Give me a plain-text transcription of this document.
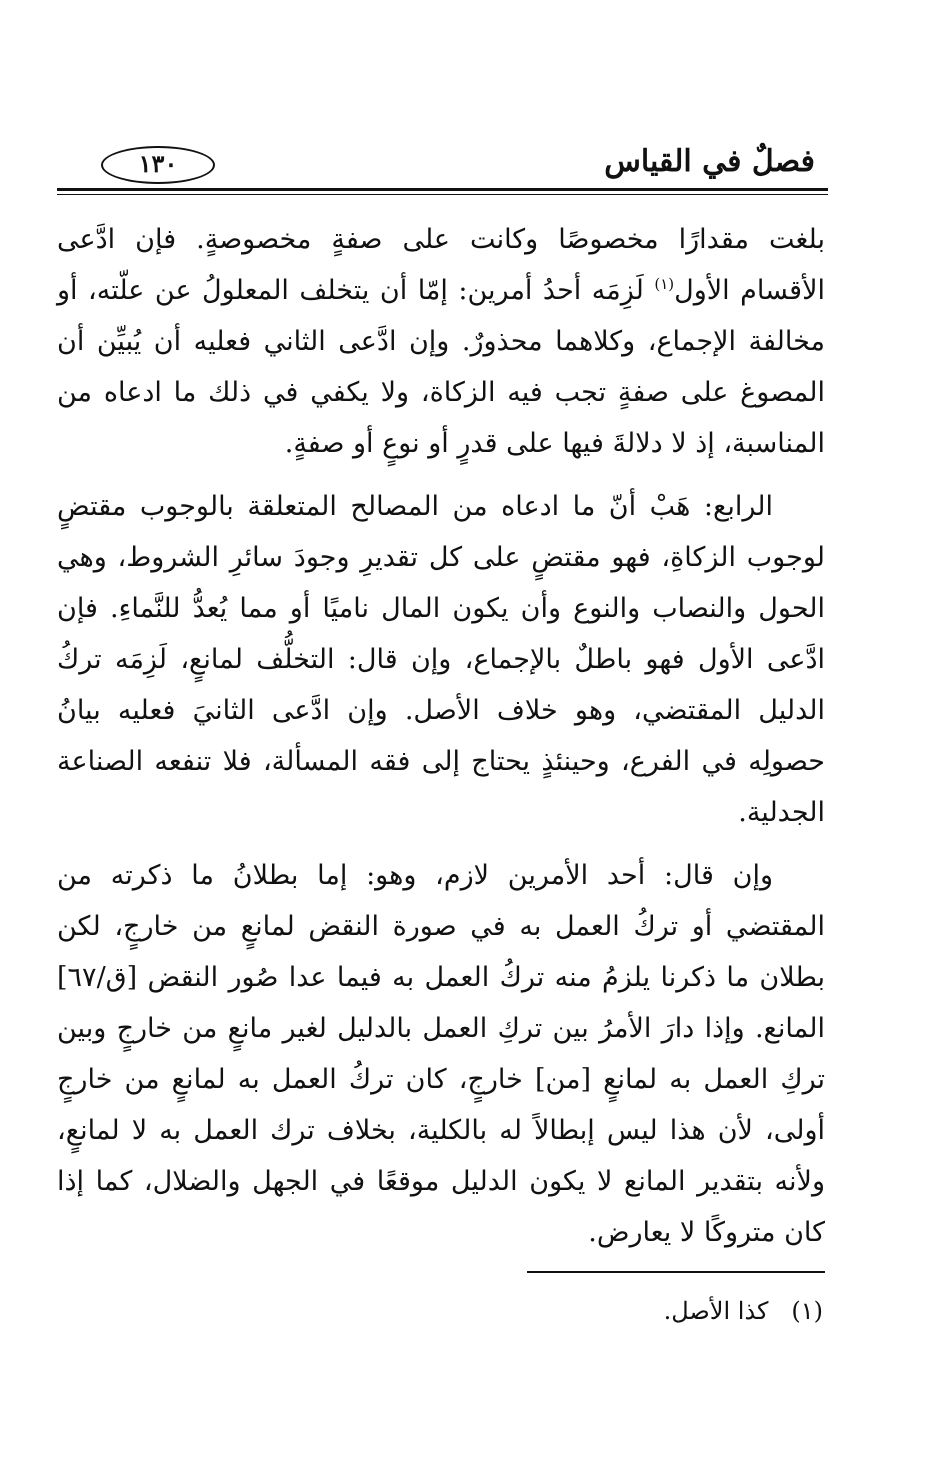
فصلٌ في القياس
١٣٠

بلغت مقدارًا مخصوصًا وكانت على صفةٍ مخصوصةٍ. فإن ادَّعى الأقسام الأول$^{(١)}$ لَزِمَه أحدُ أمرين: إمّا أن يتخلف المعلولُ عن علّته، أو مخالفة الإجماع، وكلاهما محذورٌ. وإن ادَّعى الثاني فعليه أن يُبيِّن أن المصوغ على صفةٍ تجب فيه الزكاة، ولا يكفي في ذلك ما ادعاه من المناسبة، إذ لا دلالةَ فيها على قدرٍ أو نوعٍ أو صفةٍ.

الرابع: هَبْ أنّ ما ادعاه من المصالح المتعلقة بالوجوب مقتضٍ لوجوب الزكاةِ، فهو مقتضٍ على كل تقديرِ وجودَ سائرِ الشروط، وهي الحول والنصاب والنوع وأن يكون المال ناميًا أو مما يُعدُّ للنَّماءِ. فإن ادَّعى الأول فهو باطلٌ بالإجماع، وإن قال: التخلُّف لمانعٍ، لَزِمَه تركُ الدليل المقتضي، وهو خلاف الأصل. وإن ادَّعى الثانيَ فعليه بيانُ حصولِه في الفرع، وحينئذٍ يحتاج إلى فقه المسألة، فلا تنفعه الصناعة الجدلية.

وإن قال: أحد الأمرين لازم، وهو: إما بطلانُ ما ذكرته من المقتضي أو تركُ العمل به في صورة النقض لمانعٍ من خارجٍ، لكن بطلان ما ذكرنا يلزمُ منه تركُ العمل به فيما عدا صُور النقض [ق/٦٧] المانع. وإذا دارَ الأمرُ بين تركِ العمل بالدليل لغير مانعٍ من خارجٍ وبين تركِ العمل به لمانعٍ [من] خارجٍ، كان تركُ العمل به لمانعٍ من خارجٍ أولى، لأن هذا ليس إبطالاً له بالكلية، بخلاف ترك العمل به لا لمانعٍ، ولأنه بتقدير المانع لا يكون الدليل موقعًا في الجهل والضلال، كما إذا كان متروكًا لا يعارض.

(١)   كذا الأصل.
